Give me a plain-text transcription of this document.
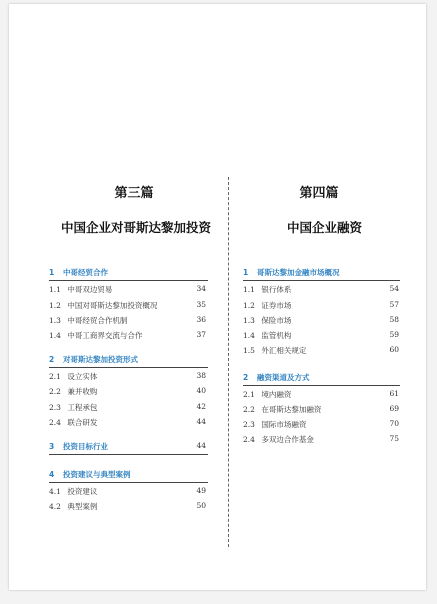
第三篇
中国企业对哥斯达黎加投资
1 中哥经贸合作
1.1 中哥双边贸易	34
1.2 中国对哥斯达黎加投资概况	35
1.3 中哥经贸合作机制	36
1.4 中哥工商界交流与合作	37
2 对哥斯达黎加投资形式
2.1 设立实体	38
2.2 兼并收购	40
2.3 工程承包	42
2.4 联合研发	44
3 投资目标行业	44
4 投资建议与典型案例
4.1 投资建议	49
4.2 典型案例	50
第四篇
中国企业融资
1 哥斯达黎加金融市场概况
1.1 银行体系	54
1.2 证券市场	57
1.3 保险市场	58
1.4 监管机构	59
1.5 外汇相关规定	60
2 融资渠道及方式
2.1 境内融资	61
2.2 在哥斯达黎加融资	69
2.3 国际市场融资	70
2.4 多双边合作基金	75
